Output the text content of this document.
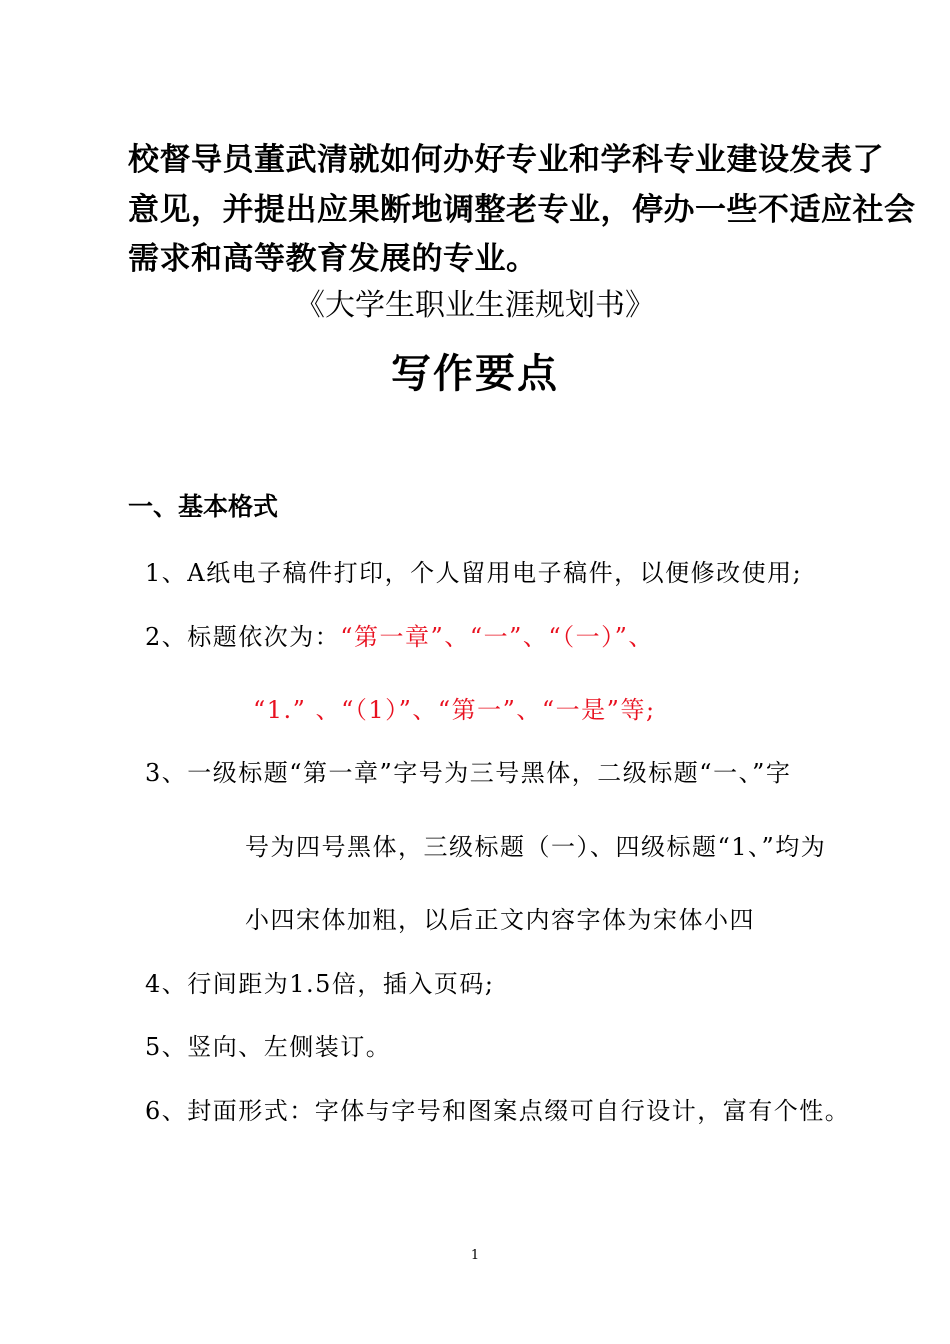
校督导员董武清就如何办好专业和学科专业建设发表了
意见，并提出应果断地调整老专业，停办一些不适应社会
需求和高等教育发展的专业。
《大学生职业生涯规划书》
写作要点
一、基本格式
1、A纸电子稿件打印，个人留用电子稿件，以便修改使用;
2、标题依次为：“第一章”、“一”、“（一）”、
“1.” 、“（1）”、“第一”、“一是”等;
3、一级标题“第一章”字号为三号黑体，二级标题“一、”字
号为四号黑体，三级标题（一）、四级标题“1、”均为
小四宋体加粗，以后正文内容字体为宋体小四
4、行间距为1.5倍，插入页码;
5、竖向、左侧装订。
6、封面形式：字体与字号和图案点缀可自行设计，富有个性。
1
